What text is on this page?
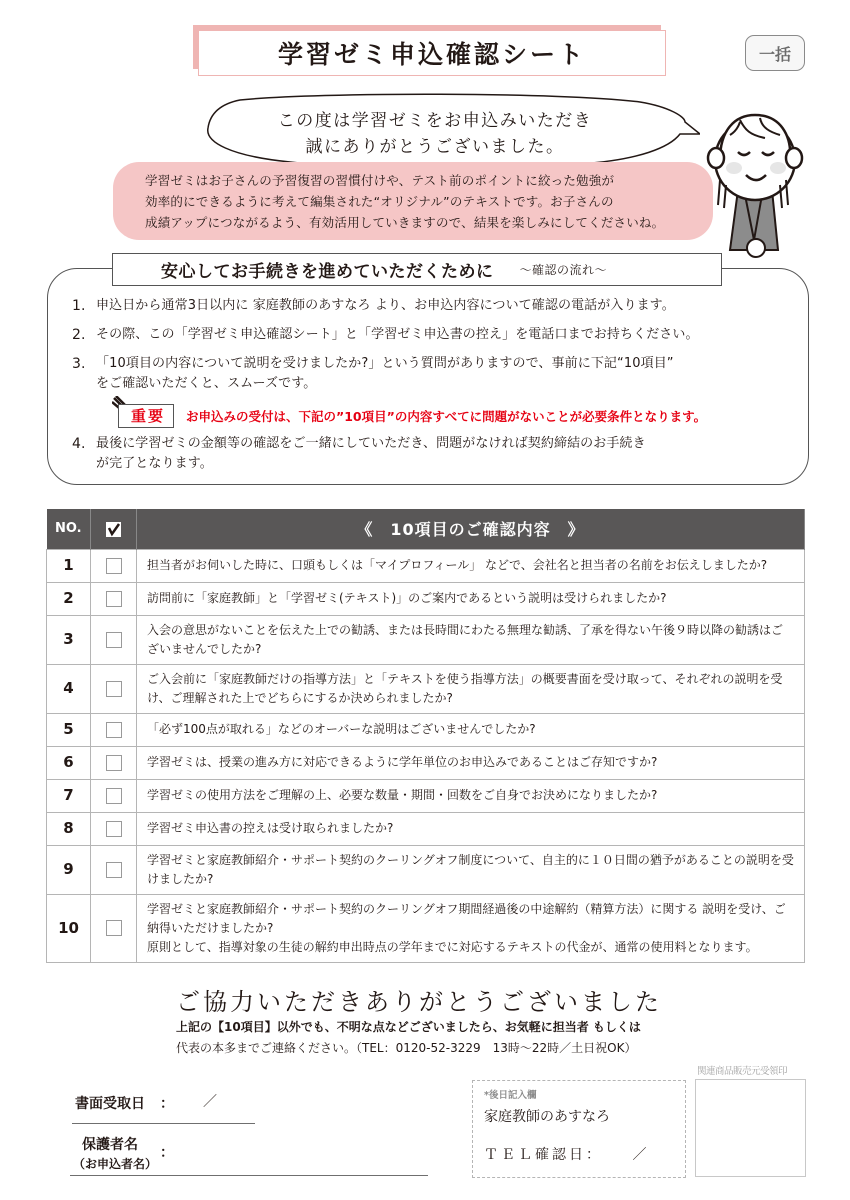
学習ゼミ申込確認シート	一括
この度は学習ゼミをお申込みいただき
誠にありがとうございました。
学習ゼミはお子さんの予習復習の習慣付けや、テスト前のポイントに絞った勉強が
効率的にできるように考えて編集された“オリジナル”のテキストです。お子さんの
成績アップにつながるよう、有効活用していきますので、結果を楽しみにしてくださいね。
安心してお手続きを進めていただくために ～確認の流れ～
1. 申込日から通常3日以内に 家庭教師のあすなろ より、お申込内容について確認の電話が入ります。
2. その際、この「学習ゼミ申込確認シート」と「学習ゼミ申込書の控え」を電話口までお持ちください。
3. 「10項目の内容について説明を受けましたか?」という質問がありますので、事前に下記“10項目”
をご確認いただくと、スムーズです。
4. 最後に学習ゼミの金額等の確認をご一緒にしていただき、問題がなければ契約締結のお手続き
が完了となります。
重要	お申込みの受付は、下記の”10項目”の内容すべてに問題がないことが必要条件となります。
NO.		《　10項目のご確認内容　》
1		担当者がお伺いした時に、口頭もしくは「マイプロフィール」 などで、会社名と担当者の名前をお伝えしましたか?
2		訪問前に「家庭教師」と「学習ゼミ(テキスト)」のご案内であるという説明は受けられましたか?
3		入会の意思がないことを伝えた上での勧誘、または長時間にわたる無理な勧誘、了承を得ない午後９時以降の勧誘はございませんでしたか?
4		ご入会前に「家庭教師だけの指導方法」と「テキストを使う指導方法」の概要書面を受け取って、それぞれの説明を受け、ご理解された上でどちらにするか決められましたか?
5		「必ず100点が取れる」などのオーバーな説明はございませんでしたか?
6		学習ゼミは、授業の進み方に対応できるように学年単位のお申込みであることはご存知ですか?
7		学習ゼミの使用方法をご理解の上、必要な数量・期間・回数をご自身でお決めになりましたか?
8		学習ゼミ申込書の控えは受け取られましたか?
9		学習ゼミと家庭教師紹介・サポート契約のクーリングオフ制度について、自主的に１０日間の猶予があることの説明を受けましたか?
10		学習ゼミと家庭教師紹介・サポート契約のクーリングオフ期間経過後の中途解約（精算方法）に関する 説明を受け、ご納得いただけましたか?
原則として、指導対象の生徒の解約申出時点の学年までに対応するテキストの代金が、通常の使用料となります。
ご協力いただきありがとうございました
上記の【10項目】以外でも、不明な点などございましたら、お気軽に担当者 もしくは
代表の本多までご連絡ください。（TEL：0120-52-3229　13時～22時／土日祝OK）
書面受取日 ： ／
保護者名
（お申込者名）
：
*後日記入欄
家庭教師のあすなろ
ＴＥＬ確認日： ／
関連商品販売元受領印
